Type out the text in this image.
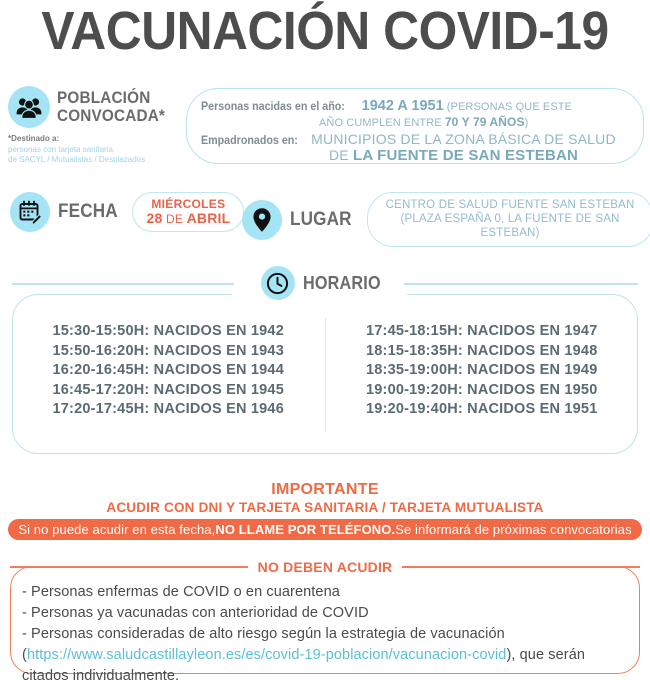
VACUNACIÓN COVID-19
POBLACIÓN
CONVOCADA*
*Destinado a:
personas con tarjeta sanitaria
de SACYL / Mutualistas / Desplazados
Personas nacidas en el año: 1942 A 1951 (PERSONAS QUE ESTE
AÑO CUMPLEN ENTRE 70 Y 79 AÑOS)
Empadronados en: MUNICIPIOS DE LA ZONA BÁSICA DE SALUD
DE LA FUENTE DE SAN ESTEBAN
FECHA	MIÉRCOLES
28 DE ABRIL	LUGAR
CENTRO DE SALUD FUENTE SAN ESTEBAN
(PLAZA ESPAÑA 0, LA FUENTE DE SAN
ESTEBAN)
HORARIO
15:30-15:50H: NACIDOS EN 1942
15:50-16:20H: NACIDOS EN 1943
16:20-16:45H: NACIDOS EN 1944
16:45-17:20H: NACIDOS EN 1945
17:20-17:45H: NACIDOS EN 1946
17:45-18:15H: NACIDOS EN 1947
18:15-18:35H: NACIDOS EN 1948
18:35-19:00H: NACIDOS EN 1949
19:00-19:20H: NACIDOS EN 1950
19:20-19:40H: NACIDOS EN 1951
IMPORTANTE
ACUDIR CON DNI Y TARJETA SANITARIA / TARJETA MUTUALISTA
Si no puede acudir en esta fecha, NO LLAME POR TELÉFONO. Se informará de próximas convocatorias
NO DEBEN ACUDIR
- Personas enfermas de COVID o en cuarentena
- Personas ya vacunadas con anterioridad de COVID
- Personas consideradas de alto riesgo según la estrategia de vacunación
(https://www.saludcastillayleon.es/es/covid-19-poblacion/vacunacion-covid), que serán
citados individualmente.
